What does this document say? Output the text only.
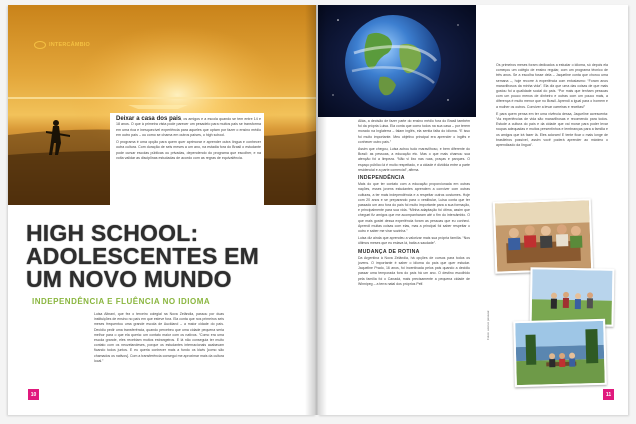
INTERCÂMBIO
Deixar a casa dos pais, os amigos e a escola quando se tem entre 14 e 18 anos. O que à primeira vista pode parecer um pesadelo para muitos pais se transforma em uma rica e inesquecível experiência para aqueles que optam por fazer o ensino médio em outro país – ou como se chama em outros países, o high school.
O programa é uma opção para quem quer aprimorar e aprender outra língua e conhecer outra cultura. Com duração de seis meses a um ano, na estadia fora do Brasil o estudante pode cursar escolas públicas ou privadas, dependendo do programa que escolher, e na volta validar as disciplinas estudadas de acordo com as regras de equivalência.
HIGH SCHOOL:
ADOLESCENTES EM
UM NOVO MUNDO
INDEPENDÊNCIA E FLUÊNCIA NO IDIOMA
Luisa Altnani, que fez o terceiro colegial na Nova Zelândia, passou por duas instituições de ensino no país em que esteve fora. Ela conta que nos primeiros seis meses frequentou uma grande escola de Auckland – a maior cidade do país. Decidiu pedir uma transferência, quando percebeu que uma cidade pequena seria melhor para o que ela queria: um contato maior com os nativos. “Como era uma escola grande, eles recebiam muitos estrangeiros. E lá não conseguia ter muito contato com os neozelandeses, porque os estudantes internacionais acabavam ficando todos juntos. E eu queria conhecer mais a fundo os kiwis [como são chamados os nativos]. Com a transferência consegui me aproximar mais da cultura local.”
10
Aliás, a decisão de fazer parte do ensino médio fora do Brasil também foi da própria Luisa. Ela conta que como todos na sua casa – por terem morado na Inglaterra – falam inglês, ela sentia falta do idioma. “E isso foi muito importante. Meu objetivo principal era aprender o inglês e conhecer outro país.”
Assim que chegou, Luisa achou tudo maravilhoso, e bem diferente do Brasil: as pessoas, a educação etc. Mas o que mais chamou sua atenção foi a limpeza. “Não vi lixo nas ruas, praças e parques. O espaço público lá é muito respeitado, e a cidade é dividida entre a parte residencial e a parte comercial”, afirma.
INDEPENDÊNCIA
Mais do que ter contato com a educação proporcionada em outras nações, esses jovens estudantes aprendem a conviver com outras culturas, a ter mais independência e a respeitar outros costumes. Hoje com 20 anos e se preparando para o vestibular, Luisa conta que ter passado um ano fora do país foi muito importante para a sua formação, e principalmente para sua vida. “Minha adaptação foi ótima, assim que cheguei fiz amigos que me acompanharam até o fim do intercâmbio. O que mais gostei dessa experiência foram as pessoas que eu conheci. Aprendi muitas coisas com elas, mas a principal foi saber respeitar o outro e saber me virar sozinha.”
Luisa diz ainda que aprendeu a valorizar mais sua própria família. “Nos últimos meses que eu estava lá, batia a saudade”.
MUDANÇA DE ROTINA
Da Argentina à Nova Zelândia, há opções de cursos para todos os jovens. O importante é saber o idioma do país que quer estudar. Jaqueline Prado, 16 anos, foi incentivada pelos pais quando a decidiu passar uma temporada fora do país há um ano. O destino escolhido pela família foi o Canadá, mais precisamente a pequena cidade de Winnipeg – a terra natal dos próprios Pelf.
Os primeiros meses foram dedicados a estudar o idioma, só depois ela começou um colégio de ensino regular, com um programa técnico de três anos. Se a escolha fosse dela – Jaqueline conta que chorou uma semana –, hoje recorre à experiência com entusiasmo: “Foram anos maravilhosos da minha vida”. Ela diz que uma das coisas de que mais gostou foi a qualidade social do país. “Por mais que tenham pessoas com um pouco menos de dinheiro e outras com um pouco mais, a diferença é muito menor que no Brasil. Aprendi a igual para o homem e a mulher os outros. Conviver a levar carreiras e receitas!”
E para quem pensa em ter uma vivência dessa, Jaqueline acrescenta: “As experiências de vida são maravilhosas e recomendo para todos. Estude a cultura do país e da cidade que vai morar para poder levar roupas adequadas e muitos presentinhos e lembranças para a família e os amigos que irá fazer lá. Eles adoram! E tente ficar o mais longe de brasileiros possível, assim você poderá aprender ao máximo o aprendizado da língua”.
Fotos: acervo pessoal
11
